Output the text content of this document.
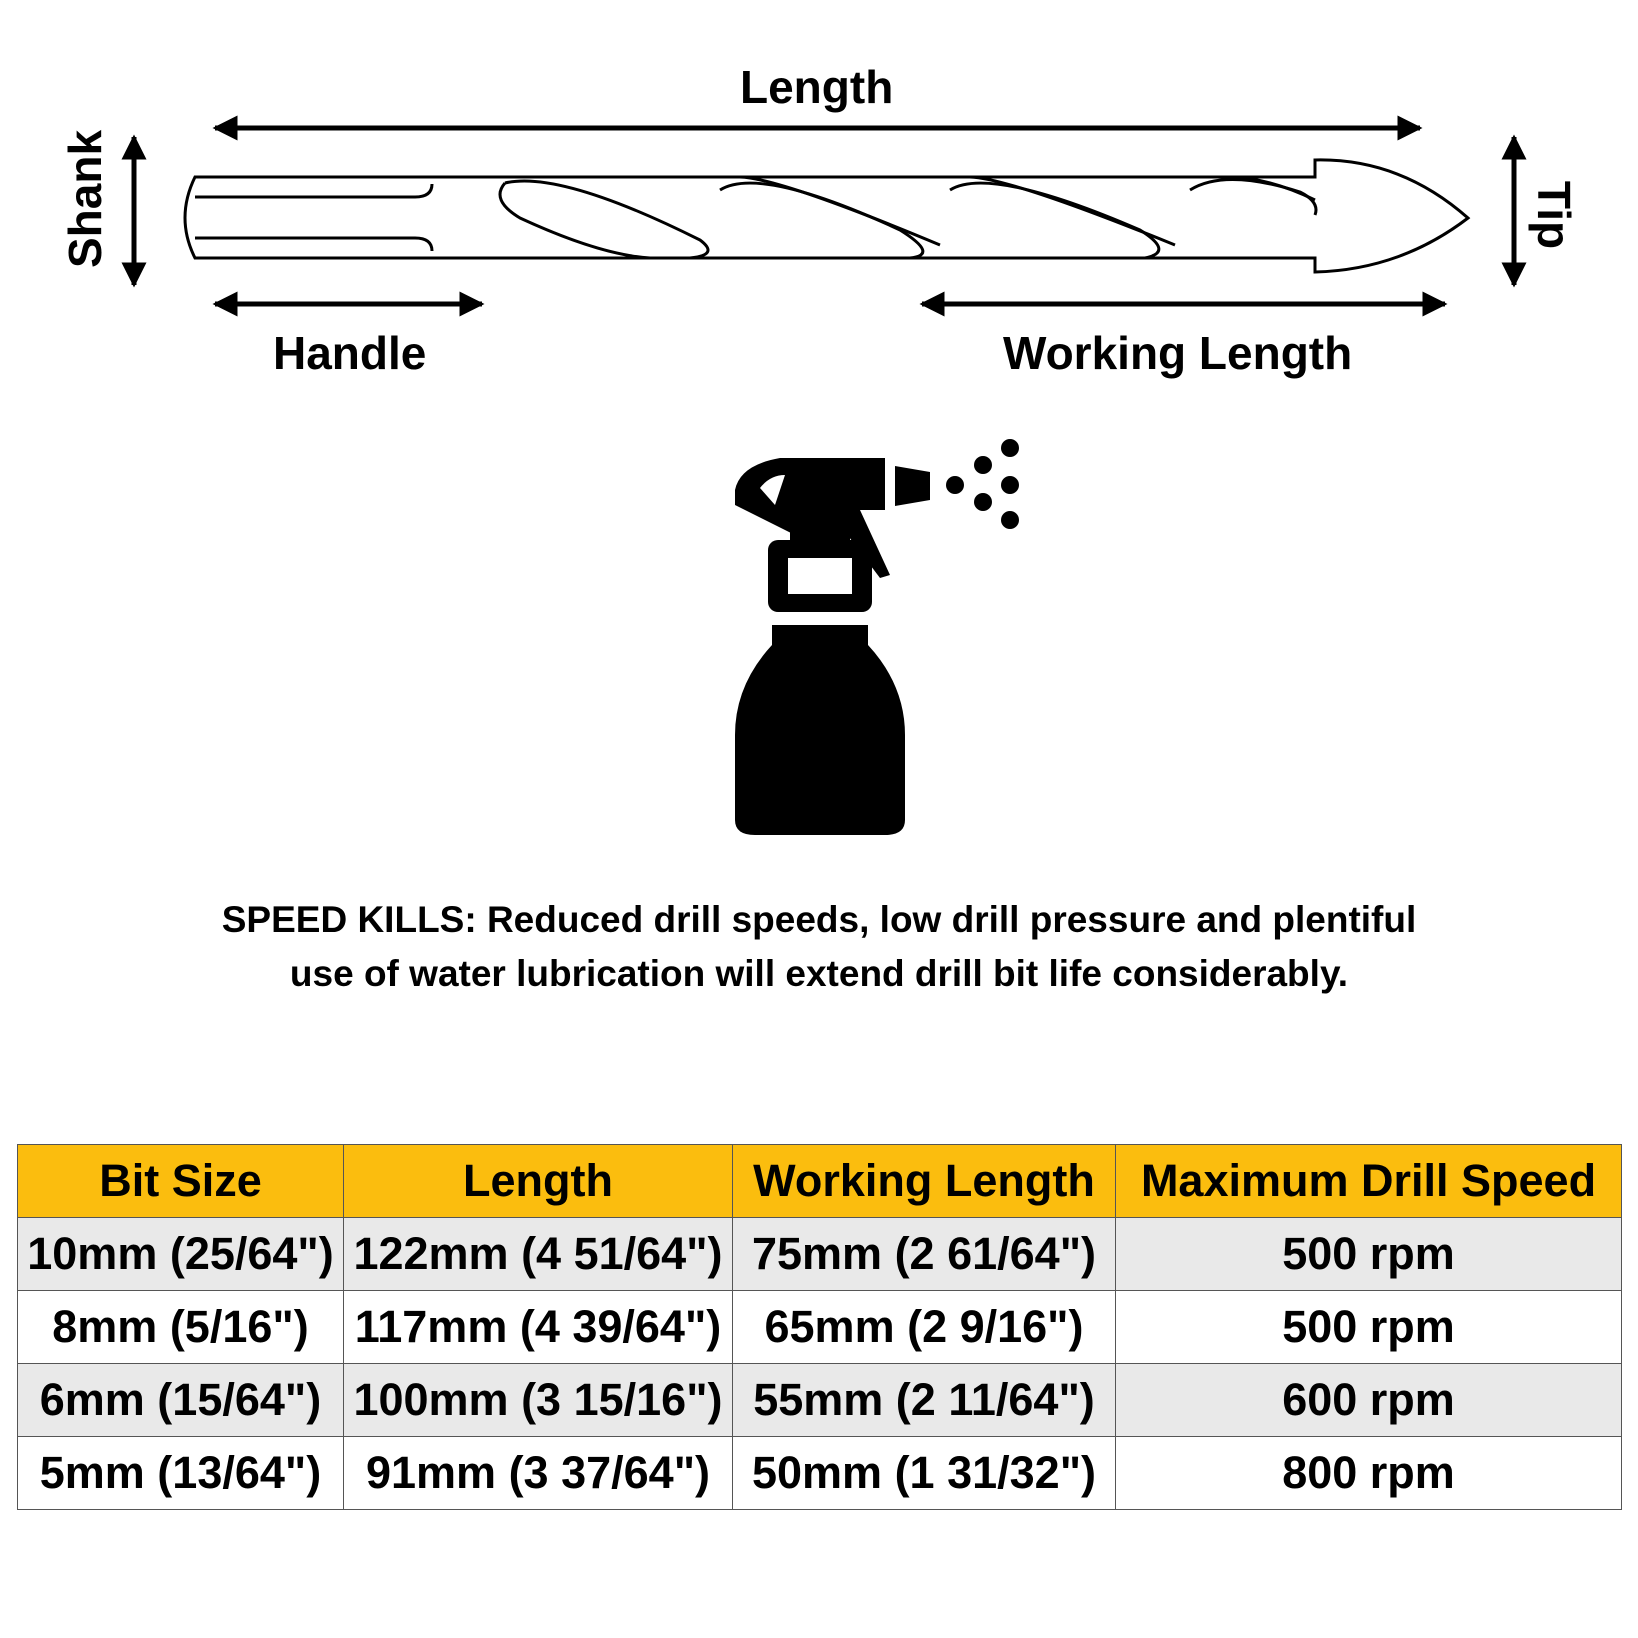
Length
Shank
Handle	Working Length
Tip
SPEED KILLS: Reduced drill speeds, low drill pressure and plentiful
use of water lubrication will extend drill bit life considerably.
Bit Size	Length	Working Length	Maximum Drill Speed
10mm (25/64")	122mm (4 51/64")	75mm (2 61/64")	500 rpm
8mm (5/16")	117mm (4 39/64")	65mm (2 9/16")	500 rpm
6mm (15/64")	100mm (3 15/16")	55mm (2 11/64")	600 rpm
5mm (13/64")	91mm (3 37/64")	50mm (1 31/32")	800 rpm
